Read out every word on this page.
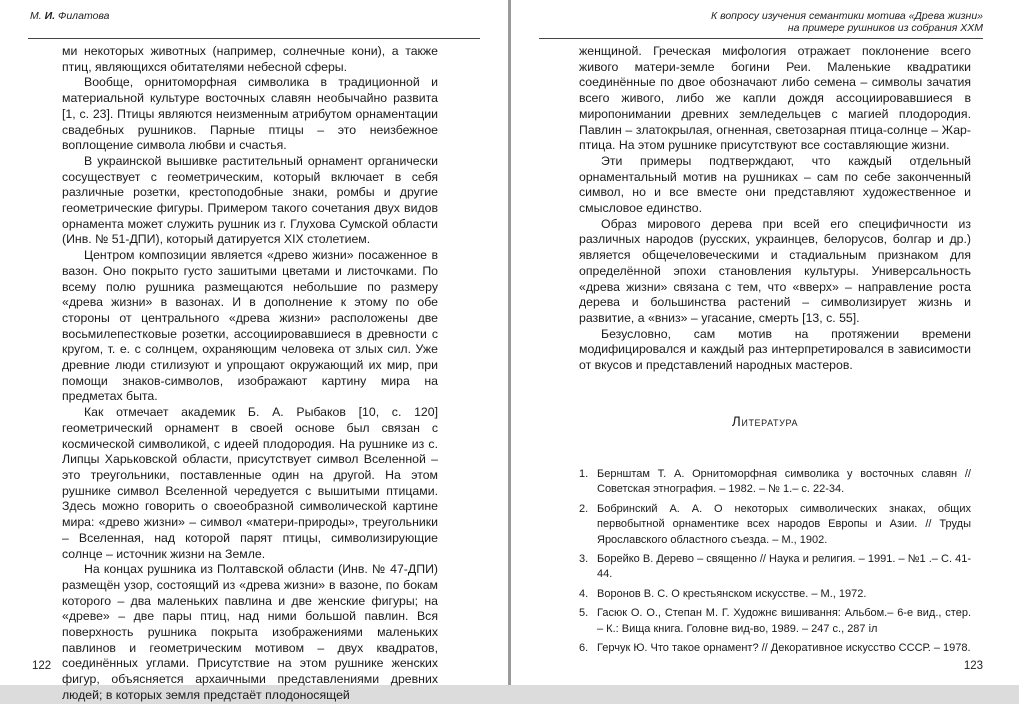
М. И. Филатова

ми некоторых животных (например, солнечные кони), а также птиц, являющихся обитателями небесной сферы.

Вообще, орнитоморфная символика в традиционной и материальной культуре восточных славян необычайно развита [1, с. 23]. Птицы являются неизменным атрибутом орнаментации свадебных рушников. Парные птицы – это неизбежное воплощение символа любви и счастья.

В украинской вышивке растительный орнамент органически сосуществует с геометрическим, который включает в себя различные розетки, крестоподобные знаки, ромбы и другие геометрические фигуры. Примером такого сочетания двух видов орнамента может служить рушник из г. Глухова Сумской области (Инв. № 51-ДПИ), который датируется XIX столетием.

Центром композиции является «древо жизни» посаженное в вазон. Оно покрыто густо зашитыми цветами и листочками. По всему полю рушника размещаются небольшие по размеру «древа жизни» в вазонах. И в дополнение к этому по обе стороны от центрального «древа жизни» расположены две восьмилепестковые розетки, ассоциировавшиеся в древности с кругом, т. е. с солнцем, охраняющим человека от злых сил. Уже древние люди стилизуют и упрощают окружающий их мир, при помощи знаков-символов, изображают картину мира на предметах быта.

Как отмечает академик Б. А. Рыбаков [10, с. 120] геометрический орнамент в своей основе был связан с космической символикой, с идеей плодородия. На рушнике из с. Липцы Харьковской области, присутствует символ Вселенной – это треугольники, поставленные один на другой. На этом рушнике символ Вселенной чередуется с вышитыми птицами. Здесь можно говорить о своеобразной символической картине мира: «древо жизни» – символ «матери-природы», треугольники – Вселенная, над которой парят птицы, символизирующие солнце – источник жизни на Земле.

На концах рушника из Полтавской области (Инв. № 47-ДПИ) размещён узор, состоящий из «древа жизни» в вазоне, по бокам которого – два маленьких павлина и две женские фигуры; на «древе» – две пары птиц, над ними большой павлин. Вся поверхность рушника покрыта изображениями маленьких павлинов и геометрическим мотивом – двух квадратов, соединённых углами. Присутствие на этом рушнике женских фигур, объясняется архаичными представлениями древних людей; в которых земля предстаёт плодоносящей

122
К вопросу изучения семантики мотива «Древа жизни»
на примере рушников из собрания XXM

женщиной. Греческая мифология отражает поклонение всего живого матери-земле богини Реи. Маленькие квадратики соединённые по двое обозначают либо семена – символы зачатия всего живого, либо же капли дождя ассоциировавшиеся в миропонимании древних земледельцев с магией плодородия. Павлин – златокрылая, огненная, светозарная птица-солнце – Жар-птица. На этом рушнике присутствуют все составляющие жизни.

Эти примеры подтверждают, что каждый отдельный орнаментальный мотив на рушниках – сам по себе законченный символ, но и все вместе они представляют художественное и смысловое единство.

Образ мирового дерева при всей его специфичности из различных народов (русских, украинцев, белорусов, болгар и др.) является общечеловеческими и стадиальным признаком для определённой эпохи становления культуры. Универсальность «древа жизни» связана с тем, что «вверх» – направление роста дерева и большинства растений – символизирует жизнь и развитие, а «вниз» – угасание, смерть [13, с. 55].

Безусловно, сам мотив на протяжении времени модифицировался и каждый раз интерпретировался в зависимости от вкусов и представлений народных мастеров.

Литература
1. Бернштам Т. А. Орнитоморфная символика у восточных славян // Советская этнография. – 1982. – № 1.– с. 22-34.
2. Бобринский А. А. О некоторых символических знаках, общих первобытной орнаментике всех народов Европы и Азии. // Труды Ярославского областного съезда. – М., 1902.
3. Борейко В. Дерево – священно // Наука и религия. – 1991. – №1 .– С. 41-44.
4. Воронов В. С. О крестьянском искусстве. – М., 1972.
5. Гасюк О. О., Степан М. Г. Художнє вишивання: Альбом.– 6-е вид., стер. – К.: Вища книга. Головне вид-во, 1989. – 247 с., 287 іл
6. Герчук Ю. Что такое орнамент? // Декоративное искусство СССР. – 1978.
123
